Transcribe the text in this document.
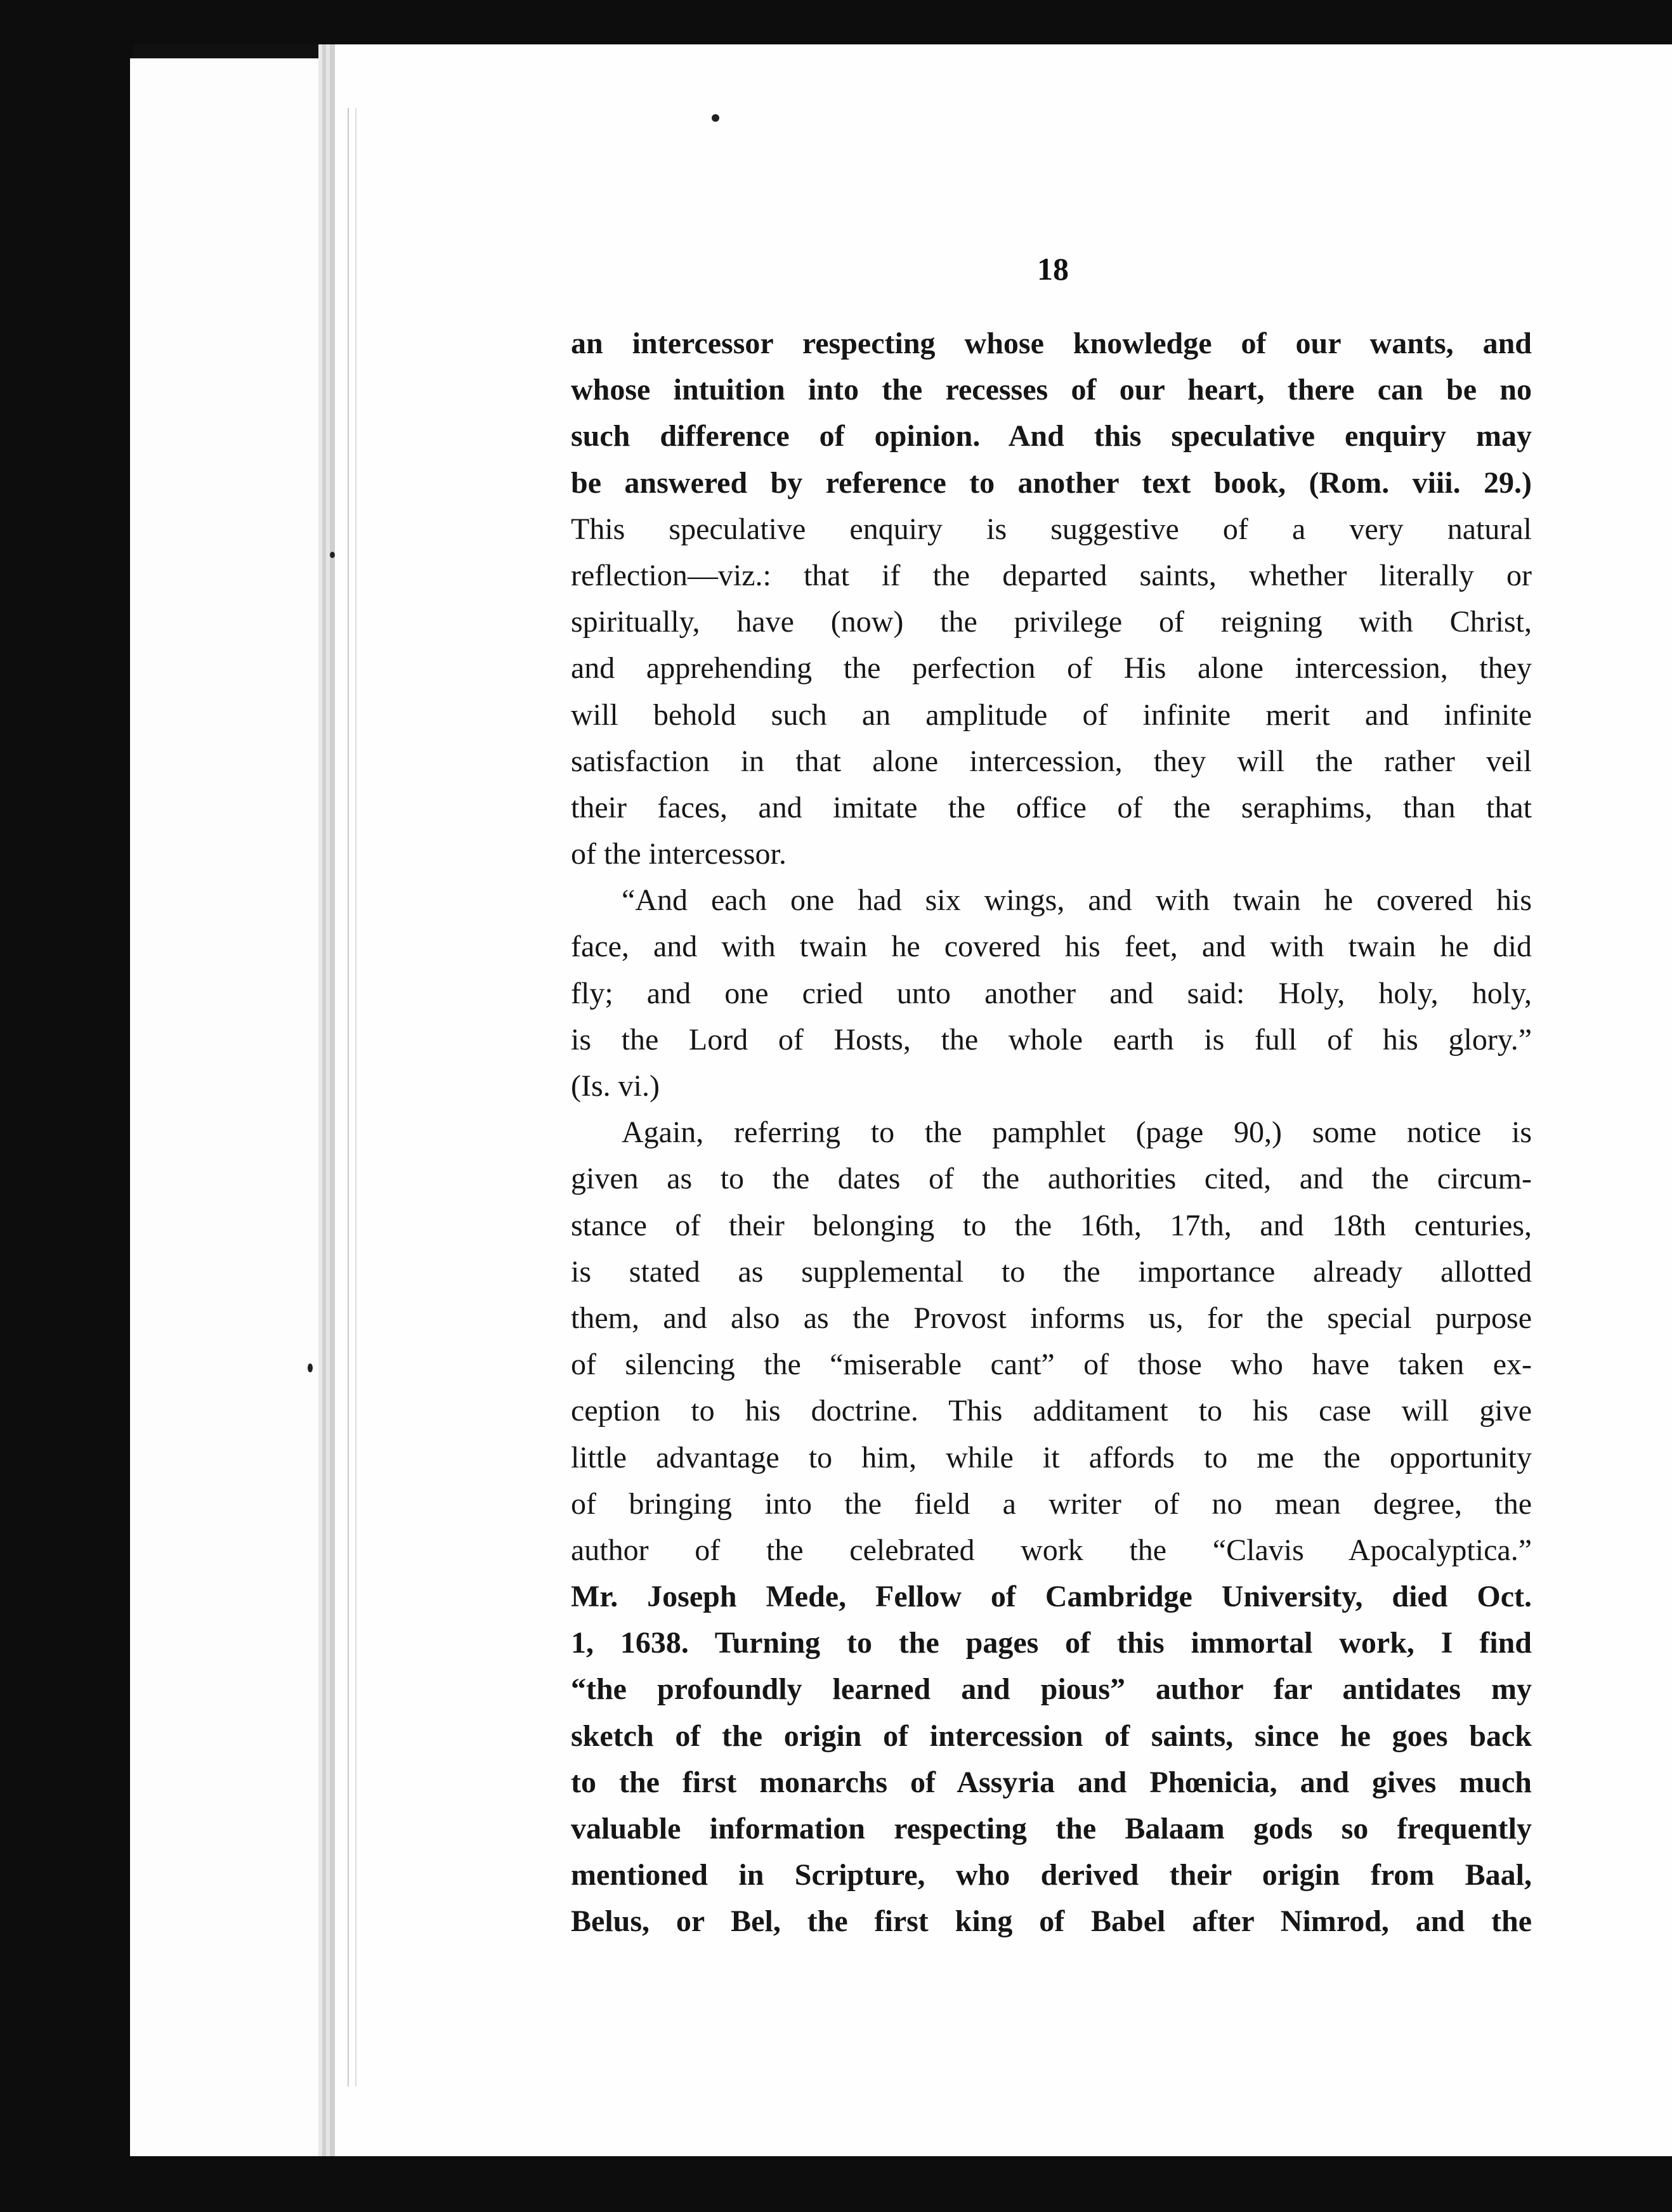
18
an intercessor respecting whose knowledge of our wants, and
whose intuition into the recesses of our heart, there can be no
such difference of opinion. And this speculative enquiry may
be answered by reference to another text book, (Rom. viii. 29.)
This speculative enquiry is suggestive of a very natural
reflection—viz.: that if the departed saints, whether literally or
spiritually, have (now) the privilege of reigning with Christ,
and apprehending the perfection of His alone intercession, they
will behold such an amplitude of infinite merit and infinite
satisfaction in that alone intercession, they will the rather veil
their faces, and imitate the office of the seraphims, than that
of the intercessor.
“And each one had six wings, and with twain he covered his
face, and with twain he covered his feet, and with twain he did
fly; and one cried unto another and said: Holy, holy, holy,
is the Lord of Hosts, the whole earth is full of his glory.”
(Is. vi.)
Again, referring to the pamphlet (page 90,) some notice is
given as to the dates of the authorities cited, and the circum-
stance of their belonging to the 16th, 17th, and 18th centuries,
is stated as supplemental to the importance already allotted
them, and also as the Provost informs us, for the special purpose
of silencing the “miserable cant” of those who have taken ex-
ception to his doctrine. This additament to his case will give
little advantage to him, while it affords to me the opportunity
of bringing into the field a writer of no mean degree, the
author of the celebrated work the “Clavis Apocalyptica.”
Mr. Joseph Mede, Fellow of Cambridge University, died Oct.
1, 1638. Turning to the pages of this immortal work, I find
“the profoundly learned and pious” author far antidates my
sketch of the origin of intercession of saints, since he goes back
to the first monarchs of Assyria and Phœnicia, and gives much
valuable information respecting the Balaam gods so frequently
mentioned in Scripture, who derived their origin from Baal,
Belus, or Bel, the first king of Babel after Nimrod, and the
